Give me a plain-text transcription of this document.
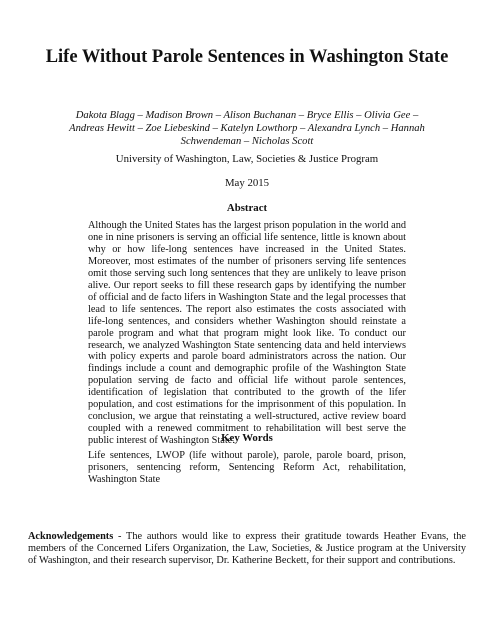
Life Without Parole Sentences in Washington State
Dakota Blagg – Madison Brown – Alison Buchanan – Bryce Ellis – Olivia Gee – Andreas Hewitt – Zoe Liebeskind – Katelyn Lowthorp – Alexandra Lynch – Hannah Schwendeman – Nicholas Scott
University of Washington, Law, Societies & Justice Program
May 2015
Abstract
Although the United States has the largest prison population in the world and one in nine prisoners is serving an official life sentence, little is known about why or how life-long sentences have increased in the United States. Moreover, most estimates of the number of prisoners serving life sentences omit those serving such long sentences that they are unlikely to leave prison alive. Our report seeks to fill these research gaps by identifying the number of official and de facto lifers in Washington State and the legal processes that lead to life sentences. The report also estimates the costs associated with life-long sentences, and considers whether Washington should reinstate a parole program and what that program might look like. To conduct our research, we analyzed Washington State sentencing data and held interviews with policy experts and parole board administrators across the nation. Our findings include a count and demographic profile of the Washington State population serving de facto and official life without parole sentences, identification of legislation that contributed to the growth of the lifer population, and cost estimations for the imprisonment of this population. In conclusion, we argue that reinstating a well-structured, active review board coupled with a renewed commitment to rehabilitation will best serve the public interest of Washington State.
Key Words
Life sentences, LWOP (life without parole), parole, parole board, prison, prisoners, sentencing reform, Sentencing Reform Act, rehabilitation, Washington State
Acknowledgements - The authors would like to express their gratitude towards Heather Evans, the members of the Concerned Lifers Organization, the Law, Societies, & Justice program at the University of Washington, and their research supervisor, Dr. Katherine Beckett, for their support and contributions.
